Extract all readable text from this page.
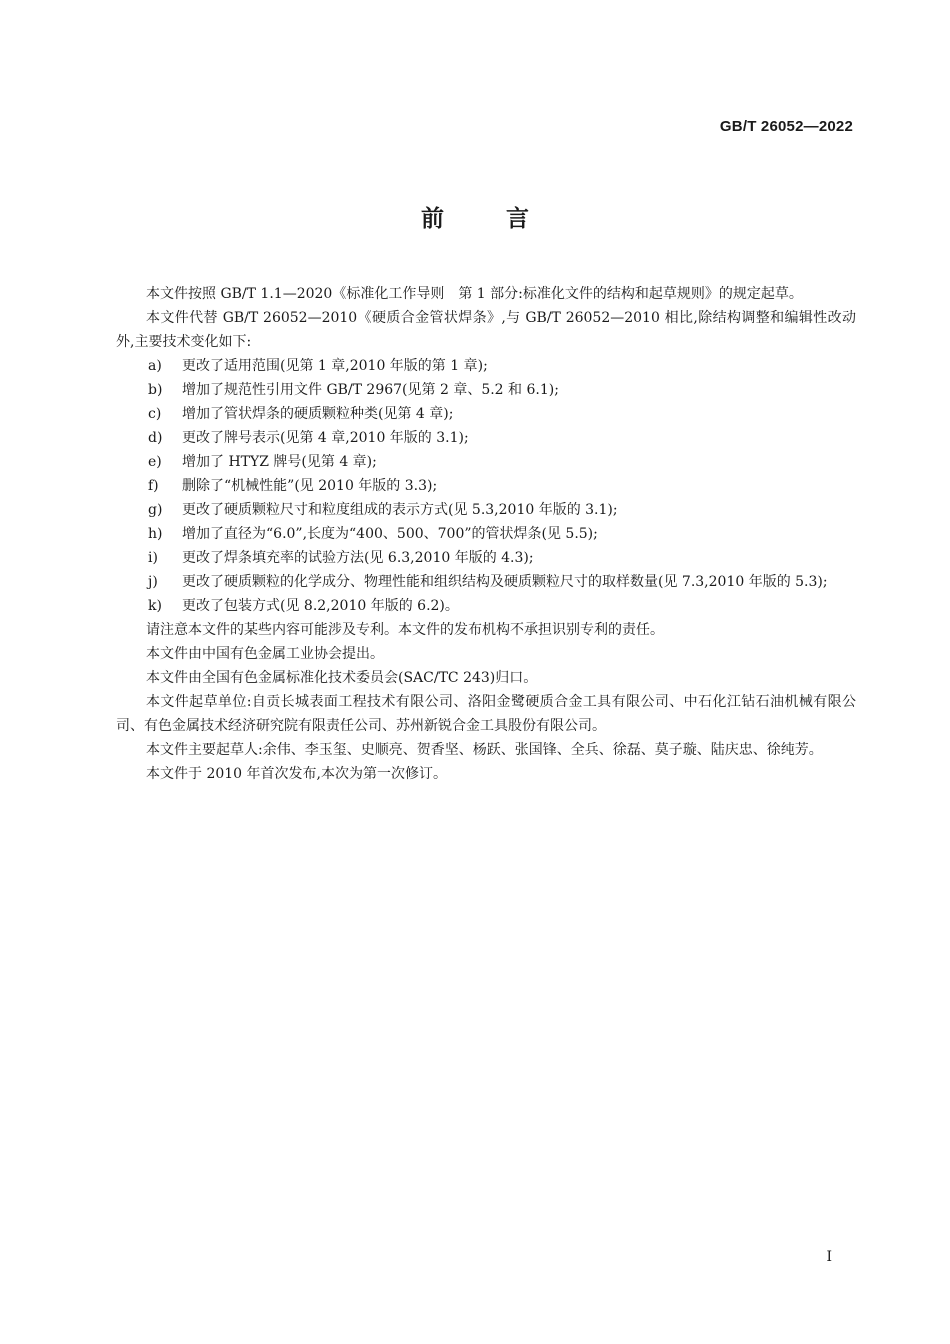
GB/T 26052—2022
前	言

本文件按照 GB/T 1.1—2020《标准化工作导则　第 1 部分:标准化文件的结构和起草规则》的规定起草。

本文件代替 GB/T 26052—2010《硬质合金管状焊条》,与 GB/T 26052—2010 相比,除结构调整和编辑性改动外,主要技术变化如下:

a) 更改了适用范围(见第 1 章,2010 年版的第 1 章);
b) 增加了规范性引用文件 GB/T 2967(见第 2 章、5.2 和 6.1);
c) 增加了管状焊条的硬质颗粒种类(见第 4 章);
d) 更改了牌号表示(见第 4 章,2010 年版的 3.1);
e) 增加了 HTYZ 牌号(见第 4 章);
f) 删除了“机械性能”(见 2010 年版的 3.3);
g) 更改了硬质颗粒尺寸和粒度组成的表示方式(见 5.3,2010 年版的 3.1);
h) 增加了直径为“6.0”,长度为“400、500、700”的管状焊条(见 5.5);
i) 更改了焊条填充率的试验方法(见 6.3,2010 年版的 4.3);
j) 更改了硬质颗粒的化学成分、物理性能和组织结构及硬质颗粒尺寸的取样数量(见 7.3,2010 年版的 5.3);
k) 更改了包装方式(见 8.2,2010 年版的 6.2)。

请注意本文件的某些内容可能涉及专利。本文件的发布机构不承担识别专利的责任。

本文件由中国有色金属工业协会提出。

本文件由全国有色金属标准化技术委员会(SAC/TC 243)归口。

本文件起草单位:自贡长城表面工程技术有限公司、洛阳金鹭硬质合金工具有限公司、中石化江钻石油机械有限公司、有色金属技术经济研究院有限责任公司、苏州新锐合金工具股份有限公司。

本文件主要起草人:余伟、李玉玺、史顺亮、贺香坚、杨跃、张国锋、全兵、徐磊、莫子璇、陆庆忠、徐纯芳。

本文件于 2010 年首次发布,本次为第一次修订。

I
